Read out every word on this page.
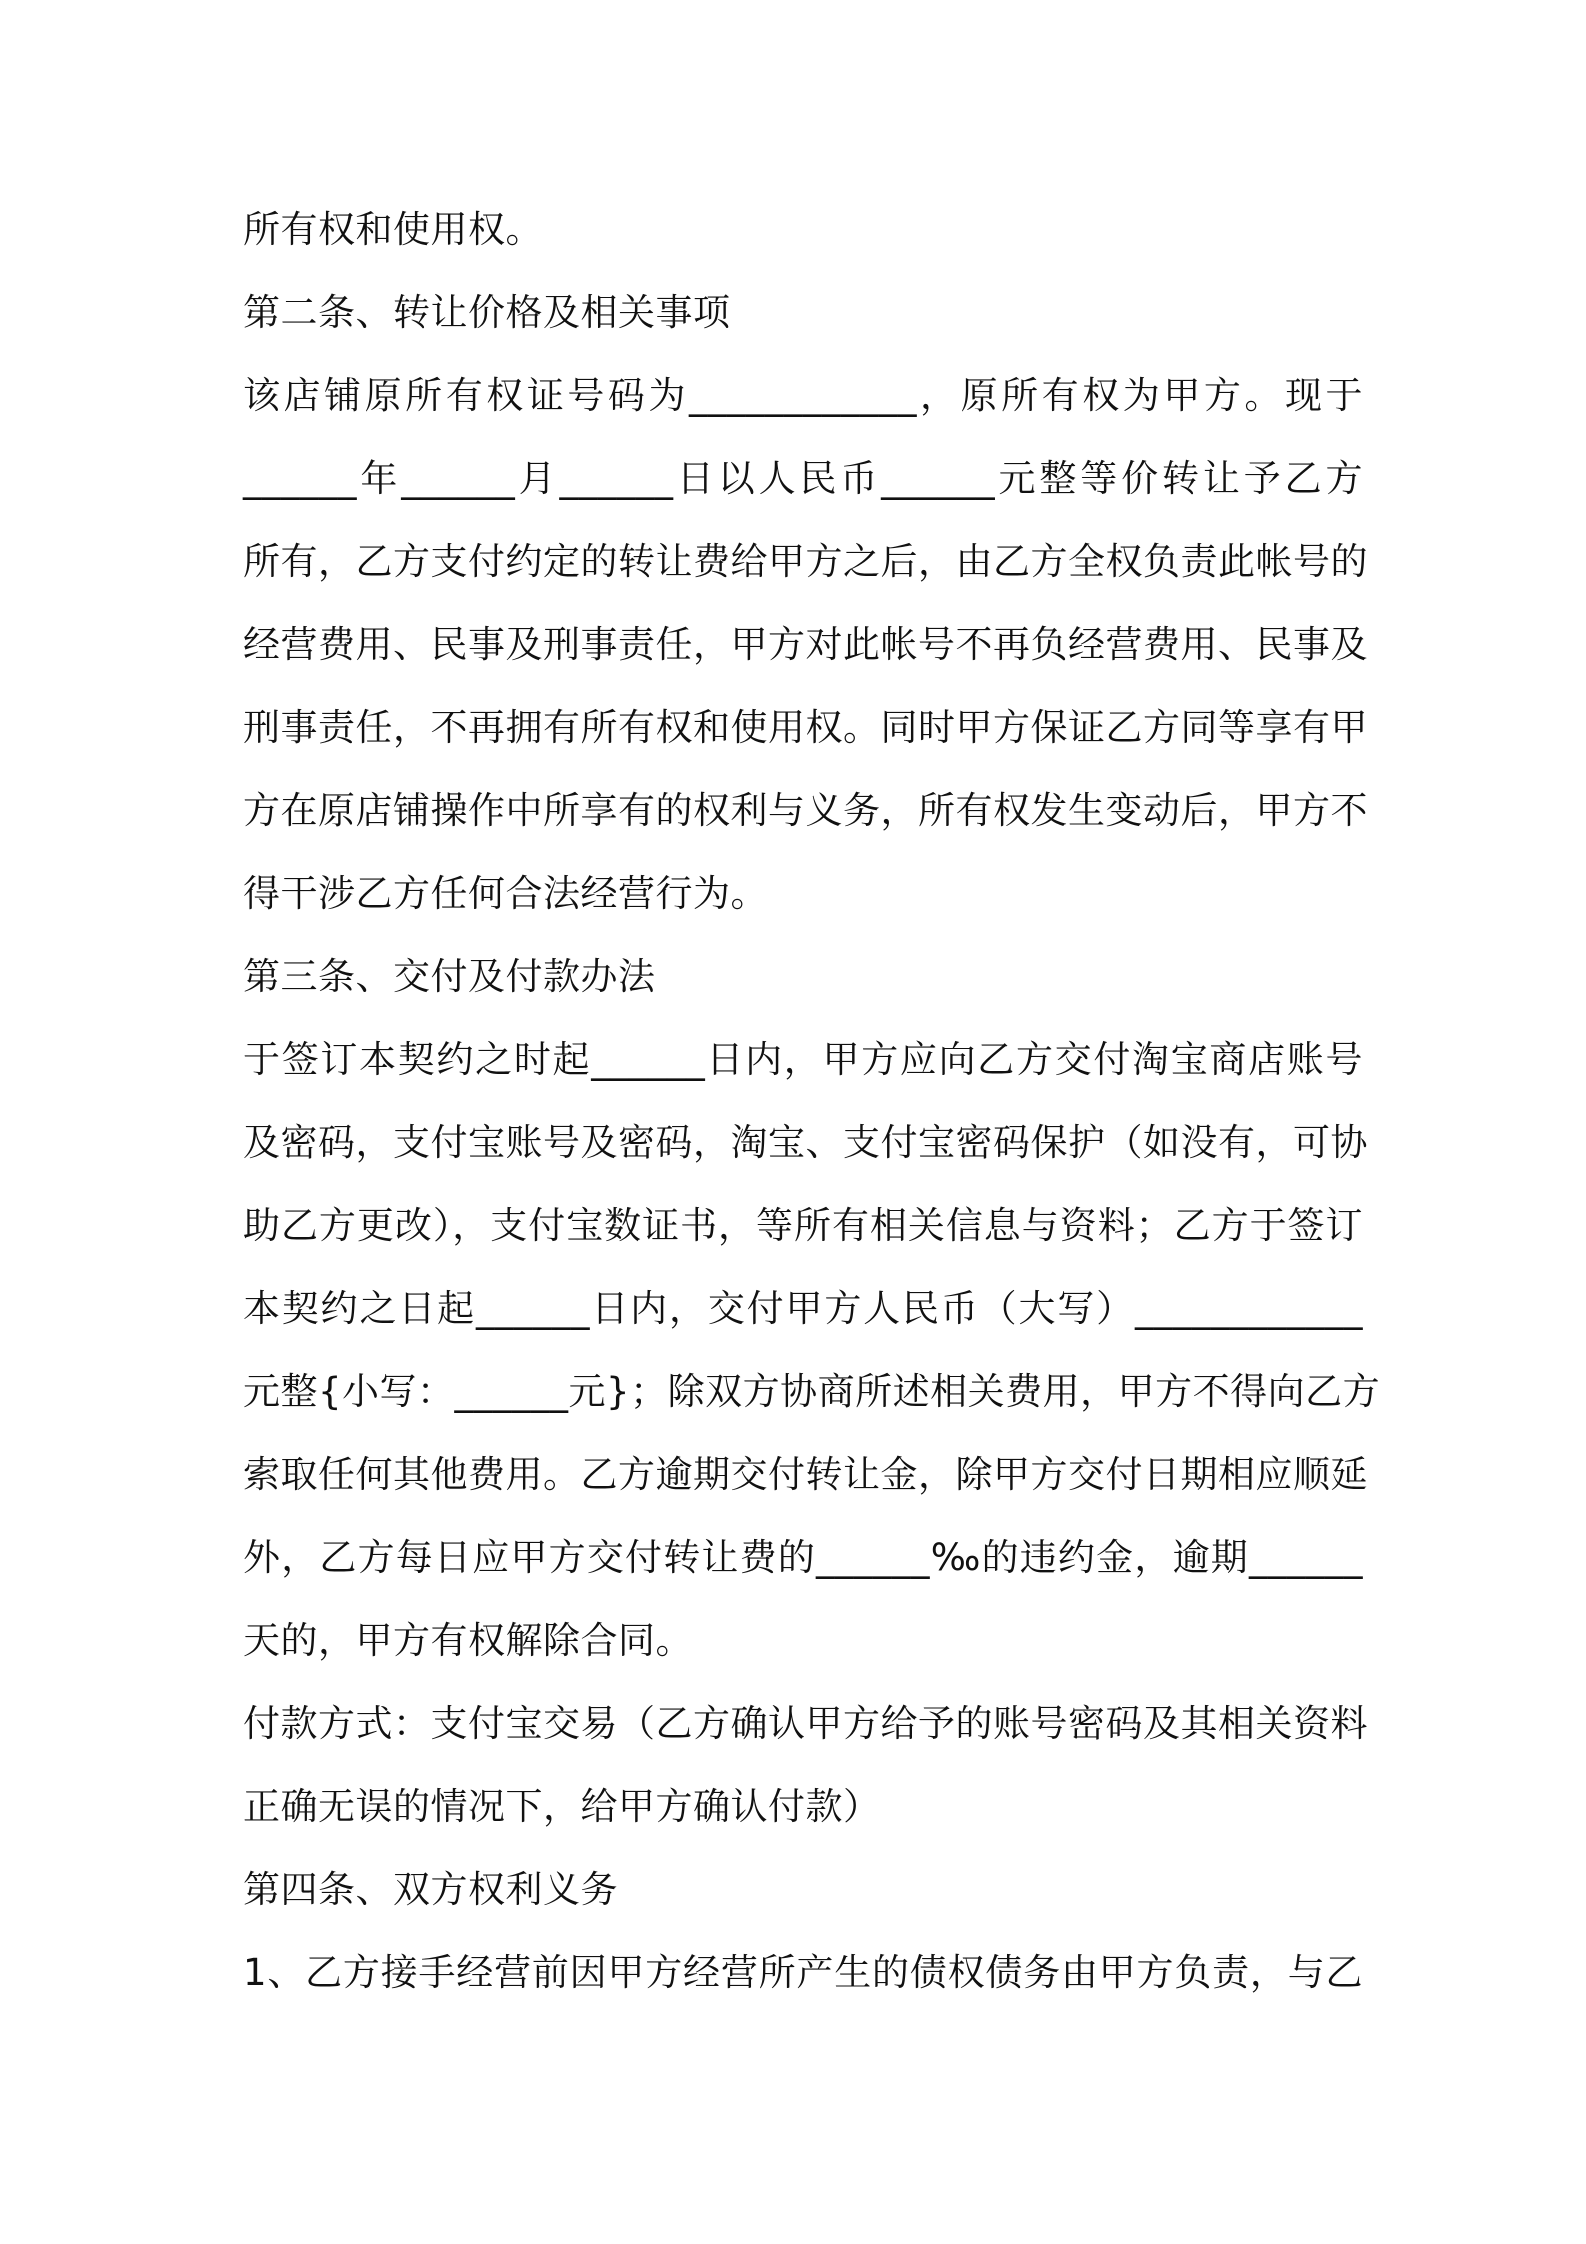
所有权和使用权。
第二条、转让价格及相关事项
该店铺原所有权证号码为____________，原所有权为甲方。现于
______年______月______日以人民币______元整等价转让予乙方
所有，乙方支付约定的转让费给甲方之后，由乙方全权负责此帐号的
经营费用、民事及刑事责任，甲方对此帐号不再负经营费用、民事及
刑事责任，不再拥有所有权和使用权。同时甲方保证乙方同等享有甲
方在原店铺操作中所享有的权利与义务，所有权发生变动后，甲方不
得干涉乙方任何合法经营行为。
第三条、交付及付款办法
于签订本契约之时起______日内，甲方应向乙方交付淘宝商店账号
及密码，支付宝账号及密码，淘宝、支付宝密码保护（如没有，可协
助乙方更改），支付宝数证书，等所有相关信息与资料；乙方于签订
本契约之日起______日内，交付甲方人民币（大写）____________
元整{小写：______元}；除双方协商所述相关费用，甲方不得向乙方
索取任何其他费用。乙方逾期交付转让金，除甲方交付日期相应顺延
外，乙方每日应甲方交付转让费的______‰的违约金，逾期______
天的，甲方有权解除合同。
付款方式：支付宝交易（乙方确认甲方给予的账号密码及其相关资料
正确无误的情况下，给甲方确认付款）
第四条、双方权利义务
1、乙方接手经营前因甲方经营所产生的债权债务由甲方负责，与乙
